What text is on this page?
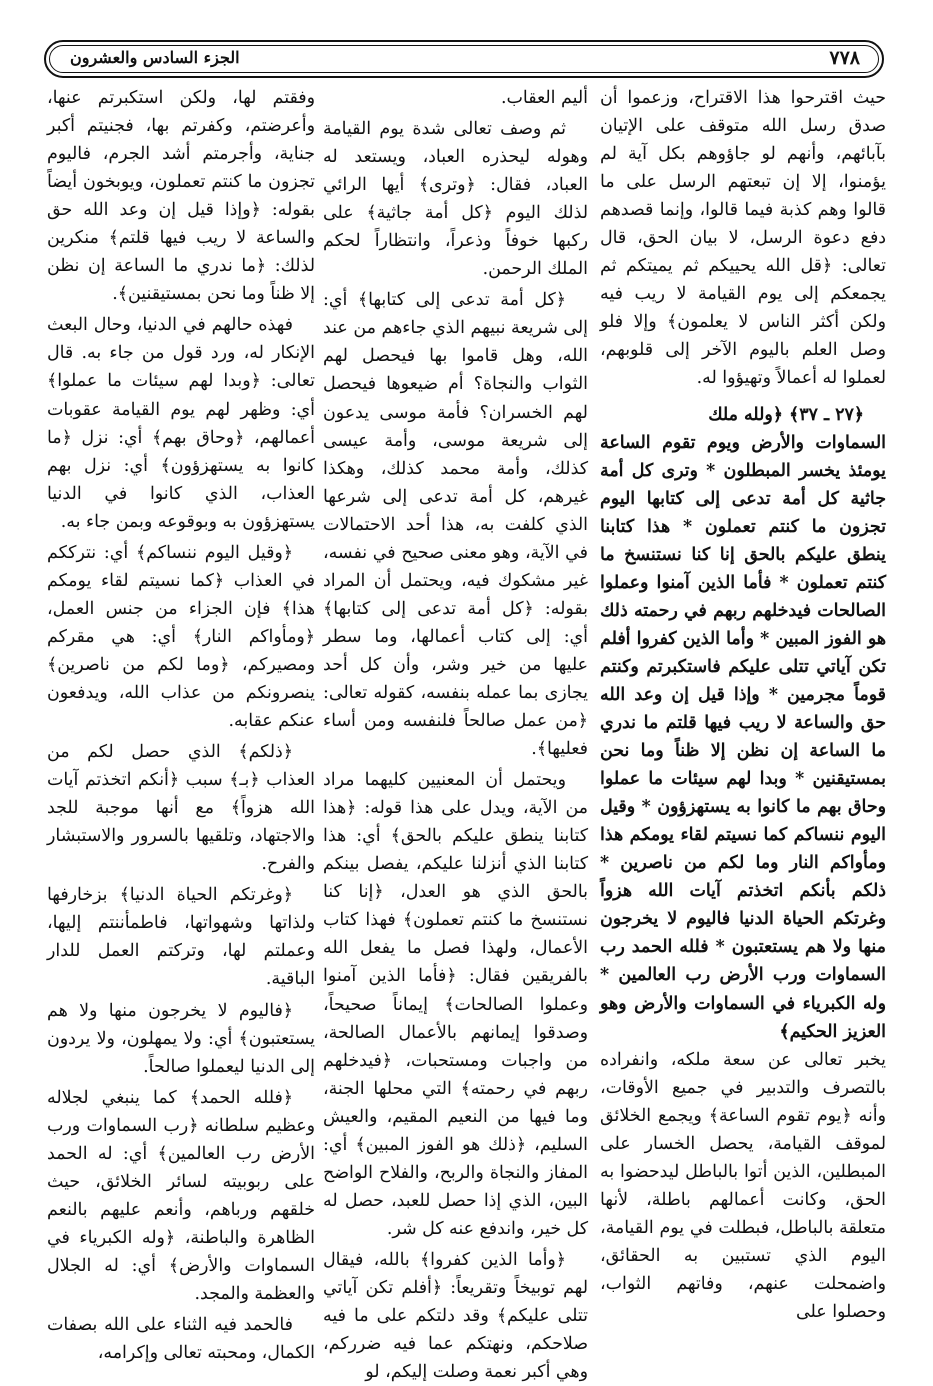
٧٧٨
الجزء السادس والعشرون

حيث اقترحوا هذا الاقتراح، وزعموا أن صدق رسل الله متوقف على الإتيان بآبائهم، وأنهم لو جاؤوهم بكل آية لم يؤمنوا، إلا إن تبعتهم الرسل على ما قالوا وهم كذبة فيما قالوا، وإنما قصدهم دفع دعوة الرسل، لا بيان الحق، قال تعالى: ﴿قل الله يحييكم ثم يميتكم ثم يجمعكم إلى يوم القيامة لا ريب فيه ولكن أكثر الناس لا يعلمون﴾ وإلا فلو وصل العلم باليوم الآخر إلى قلوبهم، لعملوا له أعمالاً وتهيؤوا له.

﴿٢٧ ـ ٣٧﴾ ﴿ولله ملك

السماوات والأرض ويوم تقوم الساعة يومئذ يخسر المبطلون * وترى كل أمة جاثية كل أمة تدعى إلى كتابها اليوم تجزون ما كنتم تعملون * هذا كتابنا ينطق عليكم بالحق إنا كنا نستنسخ ما كنتم تعملون * فأما الذين آمنوا وعملوا الصالحات فيدخلهم ربهم في رحمته ذلك هو الفوز المبين * وأما الذين كفروا أفلم تكن آياتي تتلى عليكم فاستكبرتم وكنتم قوماً مجرمين * وإذا قيل إن وعد الله حق والساعة لا ريب فيها قلتم ما ندري ما الساعة إن نظن إلا ظناً وما نحن بمستيقنين * وبدا لهم سيئات ما عملوا وحاق بهم ما كانوا به يستهزؤون * وقيل اليوم ننساكم كما نسيتم لقاء يومكم هذا ومأواكم النار وما لكم من ناصرين * ذلكم بأنكم اتخذتم آيات الله هزواً وغرتكم الحياة الدنيا فاليوم لا يخرجون منها ولا هم يستعتبون * فلله الحمد رب السماوات ورب الأرض رب العالمين * وله الكبرياء في السماوات والأرض وهو العزيز الحكيم﴾

يخبر تعالى عن سعة ملكه، وانفراده بالتصرف والتدبير في جميع الأوقات، وأنه ﴿يوم تقوم الساعة﴾ ويجمع الخلائق لموقف القيامة، يحصل الخسار على المبطلين، الذين أتوا بالباطل ليدحضوا به الحق، وكانت أعمالهم باطلة، لأنها متعلقة بالباطل، فبطلت في يوم القيامة، اليوم الذي تستبين به الحقائق، واضمحلت عنهم، وفاتهم الثواب، وحصلوا على

أليم العقاب.

ثم وصف تعالى شدة يوم القيامة وهوله ليحذره العباد، ويستعد له العباد، فقال: ﴿وترى﴾ أيها الرائي لذلك اليوم ﴿كل أمة جاثية﴾ على ركبها خوفاً وذعراً، وانتظاراً لحكم الملك الرحمن.

﴿كل أمة تدعى إلى كتابها﴾ أي: إلى شريعة نبيهم الذي جاءهم من عند الله، وهل قاموا بها فيحصل لهم الثواب والنجاة؟ أم ضيعوها فيحصل لهم الخسران؟ فأمة موسى يدعون إلى شريعة موسى، وأمة عيسى كذلك، وأمة محمد كذلك، وهكذا غيرهم، كل أمة تدعى إلى شرعها الذي كلفت به، هذا أحد الاحتمالات في الآية، وهو معنى صحيح في نفسه، غير مشكوك فيه، ويحتمل أن المراد بقوله: ﴿كل أمة تدعى إلى كتابها﴾ أي: إلى كتاب أعمالها، وما سطر عليها من خير وشر، وأن كل أحد يجازى بما عمله بنفسه، كقوله تعالى: ﴿من عمل صالحاً فلنفسه ومن أساء فعليها﴾.

ويحتمل أن المعنيين كليهما مراد من الآية، ويدل على هذا قوله: ﴿هذا كتابنا ينطق عليكم بالحق﴾ أي: هذا كتابنا الذي أنزلنا عليكم، يفصل بينكم بالحق الذي هو العدل، ﴿إنا كنا نستنسخ ما كنتم تعملون﴾ فهذا كتاب الأعمال، ولهذا فصل ما يفعل الله بالفريقين فقال: ﴿فأما الذين آمنوا وعملوا الصالحات﴾ إيماناً صحيحاً، وصدقوا إيمانهم بالأعمال الصالحة، من واجبات ومستحبات، ﴿فيدخلهم ربهم في رحمته﴾ التي محلها الجنة، وما فيها من النعيم المقيم، والعيش السليم، ﴿ذلك هو الفوز المبين﴾ أي: المفاز والنجاة والربح، والفلاح الواضح البين، الذي إذا حصل للعبد، حصل له كل خير، واندفع عنه كل شر.

﴿وأما الذين كفروا﴾ بالله، فيقال لهم توبيخاً وتقريعاً: ﴿أفلم تكن آياتي تتلى عليكم﴾ وقد دلتكم على ما فيه صلاحكم، ونهتكم عما فيه ضرركم، وهي أكبر نعمة وصلت إليكم، لو

وفقتم لها، ولكن استكبرتم عنها، وأعرضتم، وكفرتم بها، فجنيتم أكبر جناية، وأجرمتم أشد الجرم، فاليوم تجزون ما كنتم تعملون، ويوبخون أيضاً بقوله: ﴿وإذا قيل إن وعد الله حق والساعة لا ريب فيها قلتم﴾ منكرين لذلك: ﴿ما ندري ما الساعة إن نظن إلا ظناً وما نحن بمستيقنين﴾.

فهذه حالهم في الدنيا، وحال البعث الإنكار له، ورد قول من جاء به. قال تعالى: ﴿وبدا لهم سيئات ما عملوا﴾ أي: وظهر لهم يوم القيامة عقوبات أعمالهم، ﴿وحاق بهم﴾ أي: نزل ﴿ما كانوا به يستهزؤون﴾ أي: نزل بهم العذاب، الذي كانوا في الدنيا يستهزؤون به وبوقوعه وبمن جاء به.

﴿وقيل اليوم ننساكم﴾ أي: نترككم في العذاب ﴿كما نسيتم لقاء يومكم هذا﴾ فإن الجزاء من جنس العمل، ﴿ومأواكم النار﴾ أي: هي مقركم ومصيركم، ﴿وما لكم من ناصرين﴾ ينصرونكم من عذاب الله، ويدفعون عنكم عقابه.

﴿ذلكم﴾ الذي حصل لكم من العذاب ﴿بـ﴾ سبب ﴿أنكم اتخذتم آيات الله هزواً﴾ مع أنها موجبة للجد والاجتهاد، وتلقيها بالسرور والاستبشار والفرح.

﴿وغرتكم الحياة الدنيا﴾ بزخارفها ولذاتها وشهواتها، فاطمأننتم إليها، وعملتم لها، وتركتم العمل للدار الباقية.

﴿فاليوم لا يخرجون منها ولا هم يستعتبون﴾ أي: ولا يمهلون، ولا يردون إلى الدنيا ليعملوا صالحاً.

﴿فلله الحمد﴾ كما ينبغي لجلاله وعظيم سلطانه ﴿رب السماوات ورب الأرض رب العالمين﴾ أي: له الحمد على ربوبيته لسائر الخلائق، حيث خلقهم ورباهم، وأنعم عليهم بالنعم الظاهرة والباطنة، ﴿وله الكبرياء في السماوات والأرض﴾ أي: له الجلال والعظمة والمجد.

فالحمد فيه الثناء على الله بصفات الكمال، ومحبته تعالى وإكرامه،
